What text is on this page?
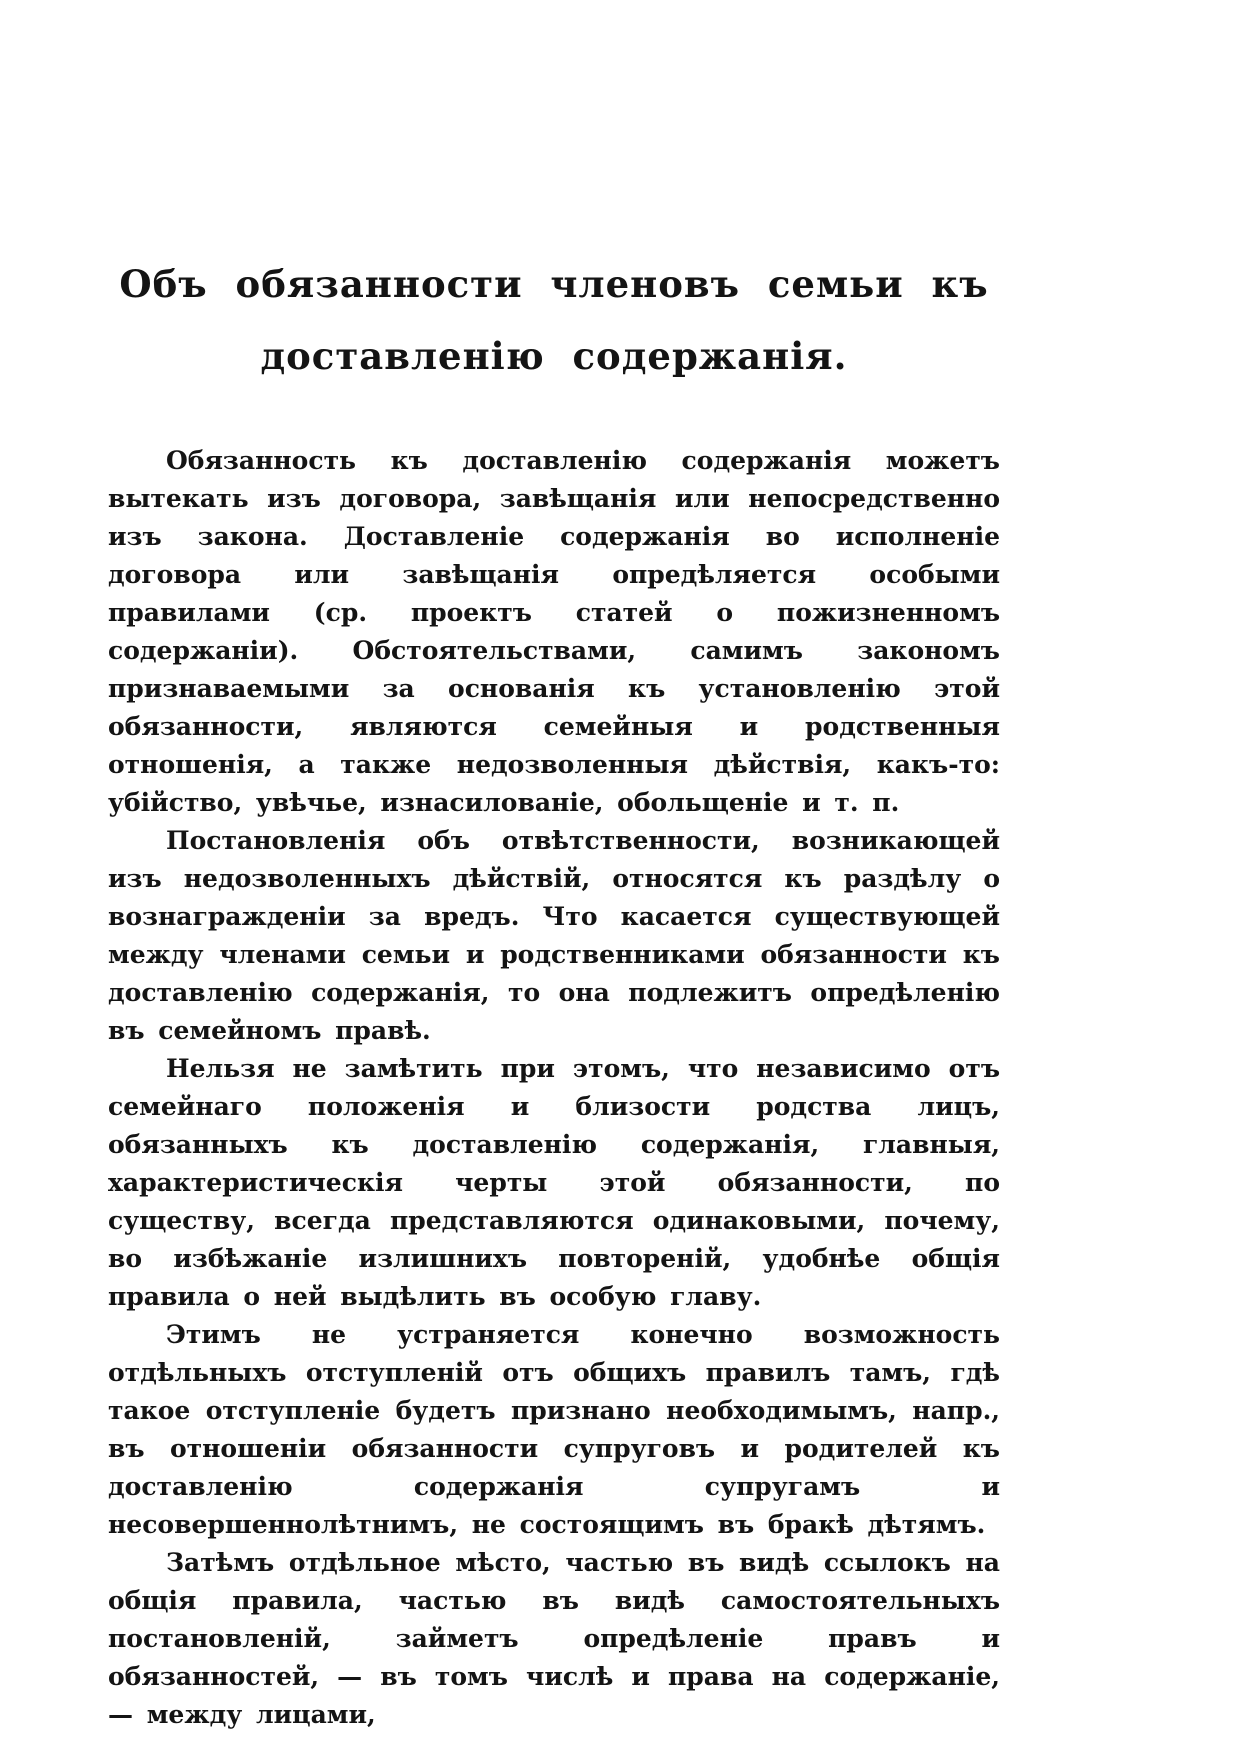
Объ обязанности членовъ семьи къ доставленію содержанія.

Обязанность къ доставленію содержанія можетъ вытекать изъ договора, завѣщанія или непосредственно изъ закона. Доставленіе содержанія во исполненіе договора или завѣщанія опредѣляется особыми правилами (ср. проектъ статей о пожизненномъ содержаніи). Обстоятельствами, самимъ закономъ признаваемыми за основанія къ установленію этой обязанности, являются семейныя и родственныя отношенія, а также недозволенныя дѣйствія, какъ-то: убійство, увѣчье, изнасилованіе, обольщеніе и т. п.

Постановленія объ отвѣтственности, возникающей изъ недозволенныхъ дѣйствій, относятся къ раздѣлу о вознагражденіи за вредъ. Что касается существующей между членами семьи и родственниками обязанности къ доставленію содержанія, то она подлежитъ опредѣленію въ семейномъ правѣ.

Нельзя не замѣтить при этомъ, что независимо отъ семейнаго положенія и близости родства лицъ, обязанныхъ къ доставленію содержанія, главныя, характеристическія черты этой обязанности, по существу, всегда представляются одинаковыми, почему, во избѣжаніе излишнихъ повтореній, удобнѣе общія правила о ней выдѣлить въ особую главу.

Этимъ не устраняется конечно возможность отдѣльныхъ отступленій отъ общихъ правилъ тамъ, гдѣ такое отступленіе будетъ признано необходимымъ, напр., въ отношеніи обязанности супруговъ и родителей къ доставленію содержанія супругамъ и несовершеннолѣтнимъ, не состоящимъ въ бракѣ дѣтямъ.

Затѣмъ отдѣльное мѣсто, частью въ видѣ ссылокъ на общія правила, частью въ видѣ самостоятельныхъ постановленій, займетъ опредѣленіе правъ и обязанностей, — въ томъ числѣ и права на содержаніе, — между лицами,
